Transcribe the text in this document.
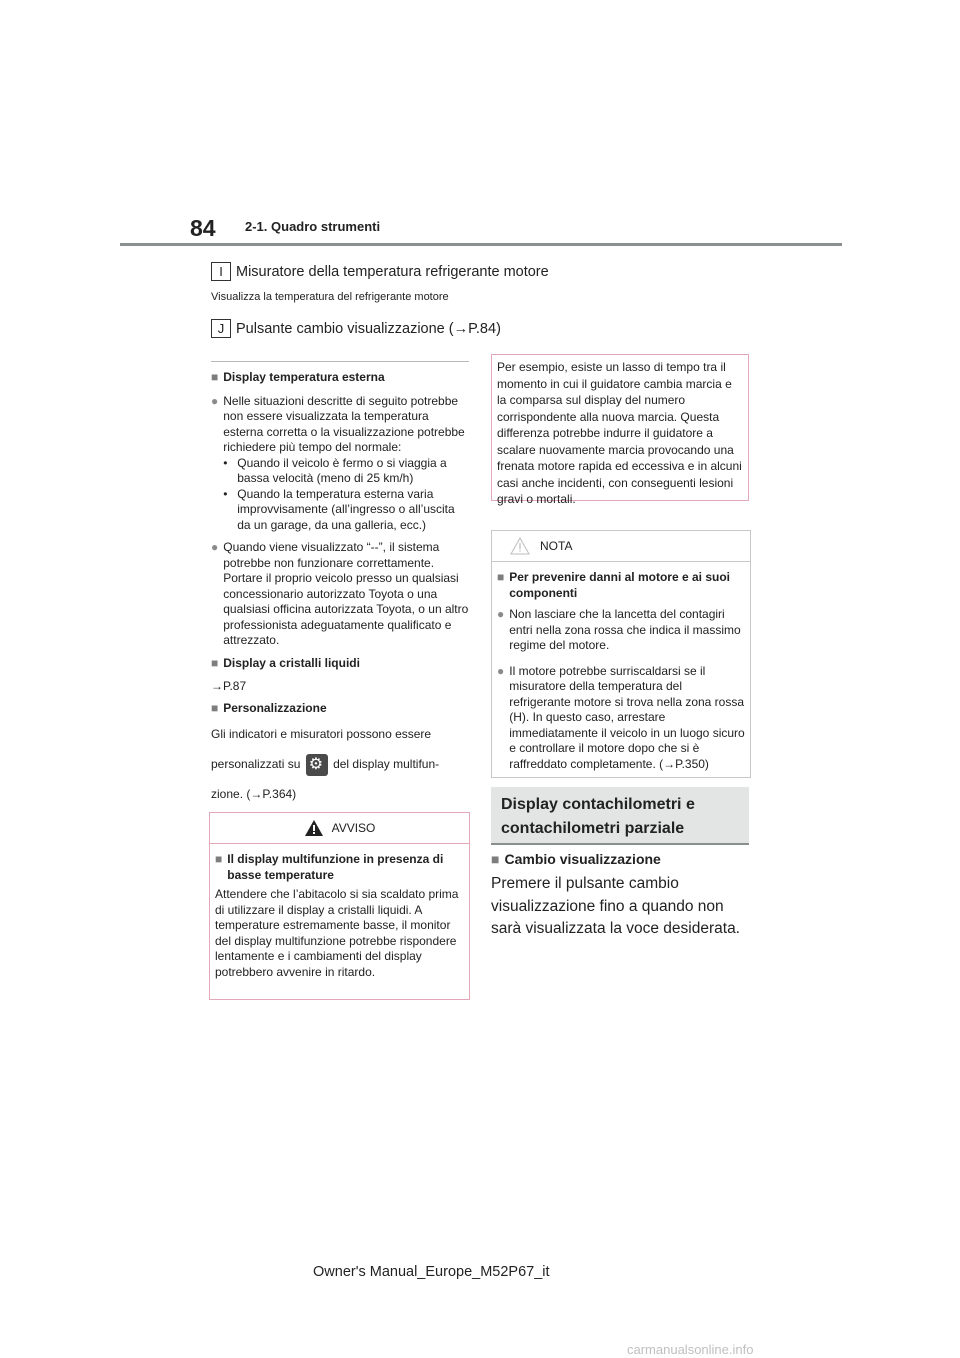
84 2-1. Quadro strumenti
I Misuratore della temperatura refrigerante motore
Visualizza la temperatura del refrigerante motore
J Pulsante cambio visualizzazione (→P.84)
■ Display temperatura esterna
● Nelle situazioni descritte di seguito potrebbe non essere visualizzata la temperatura esterna corretta o la visualizzazione potrebbe richiedere più tempo del normale:
• Quando il veicolo è fermo o si viaggia a bassa velocità (meno di 25 km/h)
• Quando la temperatura esterna varia improvvisamente (all’ingresso o all’uscita da un garage, da una galleria, ecc.)
● Quando viene visualizzato “--”, il sistema potrebbe non funzionare correttamente. Portare il proprio veicolo presso un qualsiasi concessionario autorizzato Toyota o una qualsiasi officina autorizzata Toyota, o un altro professionista adeguatamente qualificato e attrezzato.
■ Display a cristalli liquidi

→P.87

■ Personalizzazione

Gli indicatori e misuratori possono essere

personalizzati su ⚙	del display multifun-

zione. (→P.364)

AVVISO
■ Il display multifunzione in presenza di basse temperature
Attendere che l’abitacolo si sia scaldato prima di utilizzare il display a cristalli liquidi. A temperature estremamente basse, il monitor del display multifunzione potrebbe rispondere lentamente e i cambiamenti del display potrebbero avvenire in ritardo.
Per esempio, esiste un lasso di tempo tra il momento in cui il guidatore cambia marcia e la comparsa sul display del numero corrispondente alla nuova marcia. Questa differenza potrebbe indurre il guidatore a scalare nuovamente marcia provocando una frenata motore rapida ed eccessiva e in alcuni casi anche incidenti, con conseguenti lesioni gravi o mortali.
NOTA
■ Per prevenire danni al motore e ai suoi componenti
● Non lasciare che la lancetta del contagiri entri nella zona rossa che indica il massimo regime del motore.
● Il motore potrebbe surriscaldarsi se il misuratore della temperatura del refrigerante motore si trova nella zona rossa (H). In questo caso, arrestare immediatamente il veicolo in un luogo sicuro e controllare il motore dopo che si è raffreddato completamente. (→P.350)
Display contachilometri e contachilometri parziale
■ Cambio visualizzazione
Premere il pulsante cambio visualizzazione fino a quando non sarà visualizzata la voce desiderata.
Owner's Manual_Europe_M52P67_it
carmanualsonline.info
